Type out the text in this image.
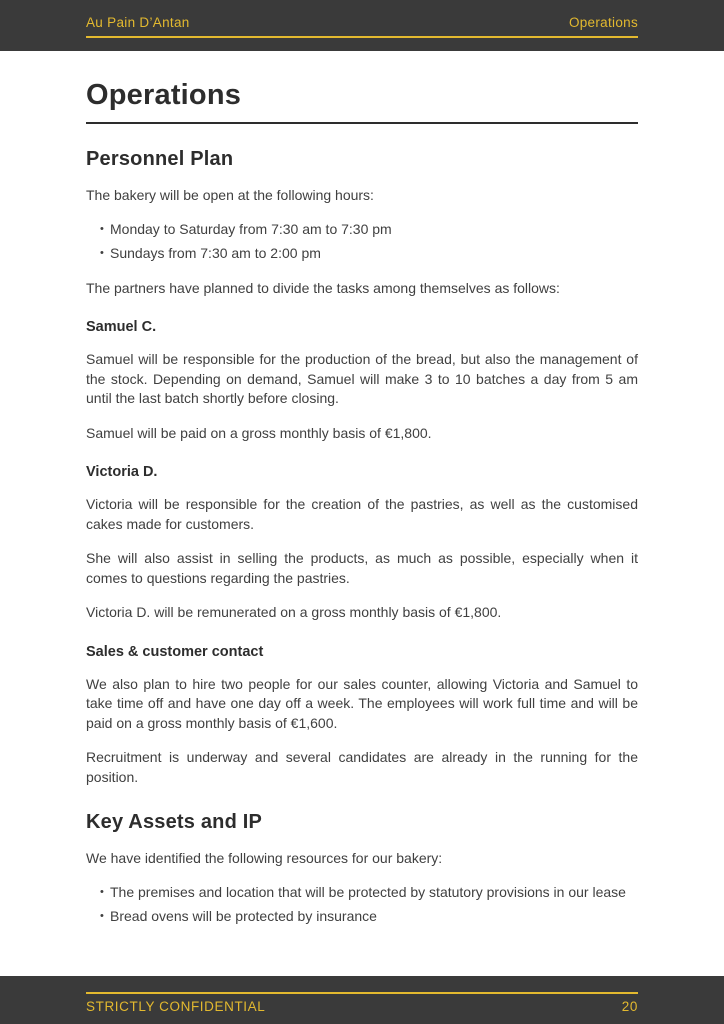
Au Pain D’Antan	Operations
Operations
Personnel Plan

The bakery will be open at the following hours:

• Monday to Saturday from 7:30 am to 7:30 pm
• Sundays from 7:30 am to 2:00 pm

The partners have planned to divide the tasks among themselves as follows:

Samuel C.

Samuel will be responsible for the production of the bread, but also the management of the stock. Depending on demand, Samuel will make 3 to 10 batches a day from 5 am until the last batch shortly before closing.

Samuel will be paid on a gross monthly basis of €1,800.

Victoria D.

Victoria will be responsible for the creation of the pastries, as well as the customised cakes made for customers.

She will also assist in selling the products, as much as possible, especially when it comes to questions regarding the pastries.

Victoria D. will be remunerated on a gross monthly basis of €1,800.

Sales & customer contact

We also plan to hire two people for our sales counter, allowing Victoria and Samuel to take time off and have one day off a week. The employees will work full time and will be paid on a gross monthly basis of €1,600.

Recruitment is underway and several candidates are already in the running for the position.

Key Assets and IP

We have identified the following resources for our bakery:

• The premises and location that will be protected by statutory provisions in our lease
• Bread ovens will be protected by insurance
STRICTLY CONFIDENTIAL	20
